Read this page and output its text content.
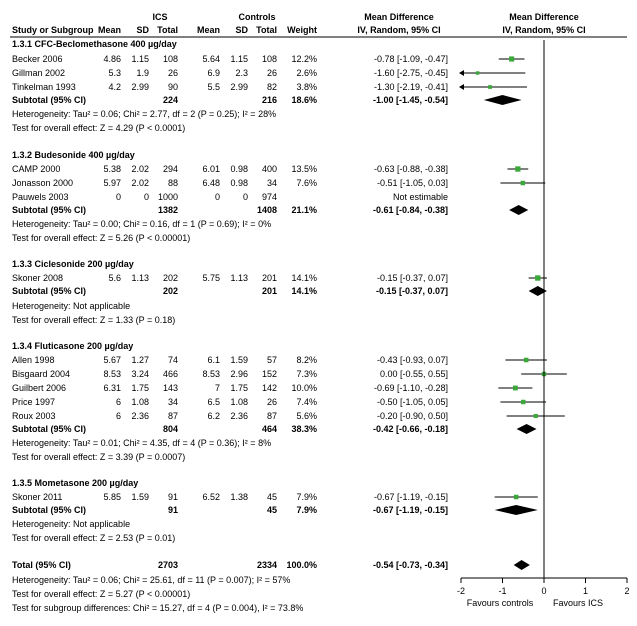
ICS	Controls	Mean Difference	Mean Difference
Study or Subgroup Mean SD Total Mean SD Total Weight	IV, Random, 95% CI	IV, Random, 95% CI
1.3.1 CFC-Beclomethasone 400 µg/day
Becker 2006	4.86 1.15 108	5.64 1.15 108 12.2%	-0.78 [-1.09, -0.47]
Gillman 2002	5.3 1.9 26	6.9 2.3 26 2.6%	-1.60 [-2.75, -0.45]
Tinkelman 1993	4.2 2.99 90	5.5 2.99 82 3.8%	-1.30 [-2.19, -0.41]
Subtotal (95% CI)	224	216 18.6%	-1.00 [-1.45, -0.54]
Heterogeneity: Tau² = 0.06; Chi² = 2.77, df = 2 (P = 0.25); I² = 28%
Test for overall effect: Z = 4.29 (P < 0.0001)
1.3.2 Budesonide 400 µg/day
CAMP 2000	5.38 2.02 294	6.01 0.98 400 13.5%	-0.63 [-0.88, -0.38]
Jonasson 2000	5.97 2.02 88	6.48 0.98 34 7.6%	-0.51 [-1.05, 0.03]
Pauwels 2003	0	0 1000	0	0 974	Not estimable
Subtotal (95% CI)	1382	1408 21.1%	-0.61 [-0.84, -0.38]
Heterogeneity: Tau² = 0.00; Chi² = 0.16, df = 1 (P = 0.69); I² = 0%
Test for overall effect: Z = 5.26 (P < 0.00001)
1.3.3 Ciclesonide 200 µg/day
Skoner 2008	5.6 1.13 202	5.75 1.13 201 14.1%	-0.15 [-0.37, 0.07]
Subtotal (95% CI)	202	201 14.1%	-0.15 [-0.37, 0.07]
Heterogeneity: Not applicable
Test for overall effect: Z = 1.33 (P = 0.18)
1.3.4 Fluticasone 200 µg/day
Allen 1998	5.67 1.27 74	6.1 1.59 57 8.2%	-0.43 [-0.93, 0.07]
Bisgaard 2004	8.53 3.24 466	8.53 2.96 152 7.3%	0.00 [-0.55, 0.55]
Guilbert 2006	6.31 1.75 143	7 1.75 142 10.0%	-0.69 [-1.10, -0.28]
Price 1997	6 1.08 34	6.5 1.08 26 7.4%	-0.50 [-1.05, 0.05]
Roux 2003	6 2.36 87	6.2 2.36 87 5.6%	-0.20 [-0.90, 0.50]
Subtotal (95% CI)	804	464 38.3%	-0.42 [-0.66, -0.18]
Heterogeneity: Tau² = 0.01; Chi² = 4.35, df = 4 (P = 0.36); I² = 8%
Test for overall effect: Z = 3.39 (P = 0.0007)
1.3.5 Mometasone 200 µg/day
Skoner 2011	5.85 1.59 91	6.52 1.38 45 7.9%	-0.67 [-1.19, -0.15]
Subtotal (95% CI)	91	45 7.9%	-0.67 [-1.19, -0.15]
Heterogeneity: Not applicable
Test for overall effect: Z = 2.53 (P = 0.01)
Total (95% CI)	2703	2334 100.0%	-0.54 [-0.73, -0.34]
Heterogeneity: Tau² = 0.06; Chi² = 25.61, df = 11 (P = 0.007); I² = 57%
Test for overall effect: Z = 5.27 (P < 0.00001)
Test for subgroup differences: Chi² = 15.27, df = 4 (P = 0.004), I² = 73.8%
-2	-1	0	1	2
Favours controls Favours ICS
